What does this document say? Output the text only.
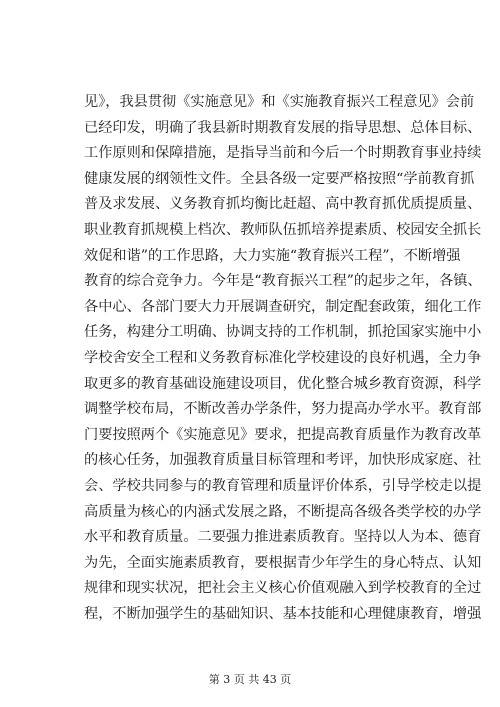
见》，我县贯彻《实施意见》和《实施教育振兴工程意见》会前
已经印发，明确了我县新时期教育发展的指导思想、总体目标、
工作原则和保障措施，是指导当前和今后一个时期教育事业持续
健康发展的纲领性文件。全县各级一定要严格按照“学前教育抓
普及求发展、义务教育抓均衡比赶超、高中教育抓优质提质量、
职业教育抓规模上档次、教师队伍抓培养提素质、校园安全抓长
效促和谐”的工作思路，大力实施“教育振兴工程”，不断增强
教育的综合竞争力。今年是“教育振兴工程”的起步之年，各镇、
各中心、各部门要大力开展调查研究，制定配套政策，细化工作
任务，构建分工明确、协调支持的工作机制，抓抢国家实施中小
学校舍安全工程和义务教育标准化学校建设的良好机遇，全力争
取更多的教育基础设施建设项目，优化整合城乡教育资源，科学
调整学校布局，不断改善办学条件，努力提高办学水平。教育部
门要按照两个《实施意见》要求，把提高教育质量作为教育改革
的核心任务，加强教育质量目标管理和考评，加快形成家庭、社
会、学校共同参与的教育管理和质量评价体系，引导学校走以提
高质量为核心的内涵式发展之路，不断提高各级各类学校的办学
水平和教育质量。二要强力推进素质教育。坚持以人为本、德育
为先，全面实施素质教育，要根据青少年学生的身心特点、认知
规律和现实状况，把社会主义核心价值观融入到学校教育的全过
程，不断加强学生的基础知识、基本技能和心理健康教育，增强
第 3 页 共 43 页
